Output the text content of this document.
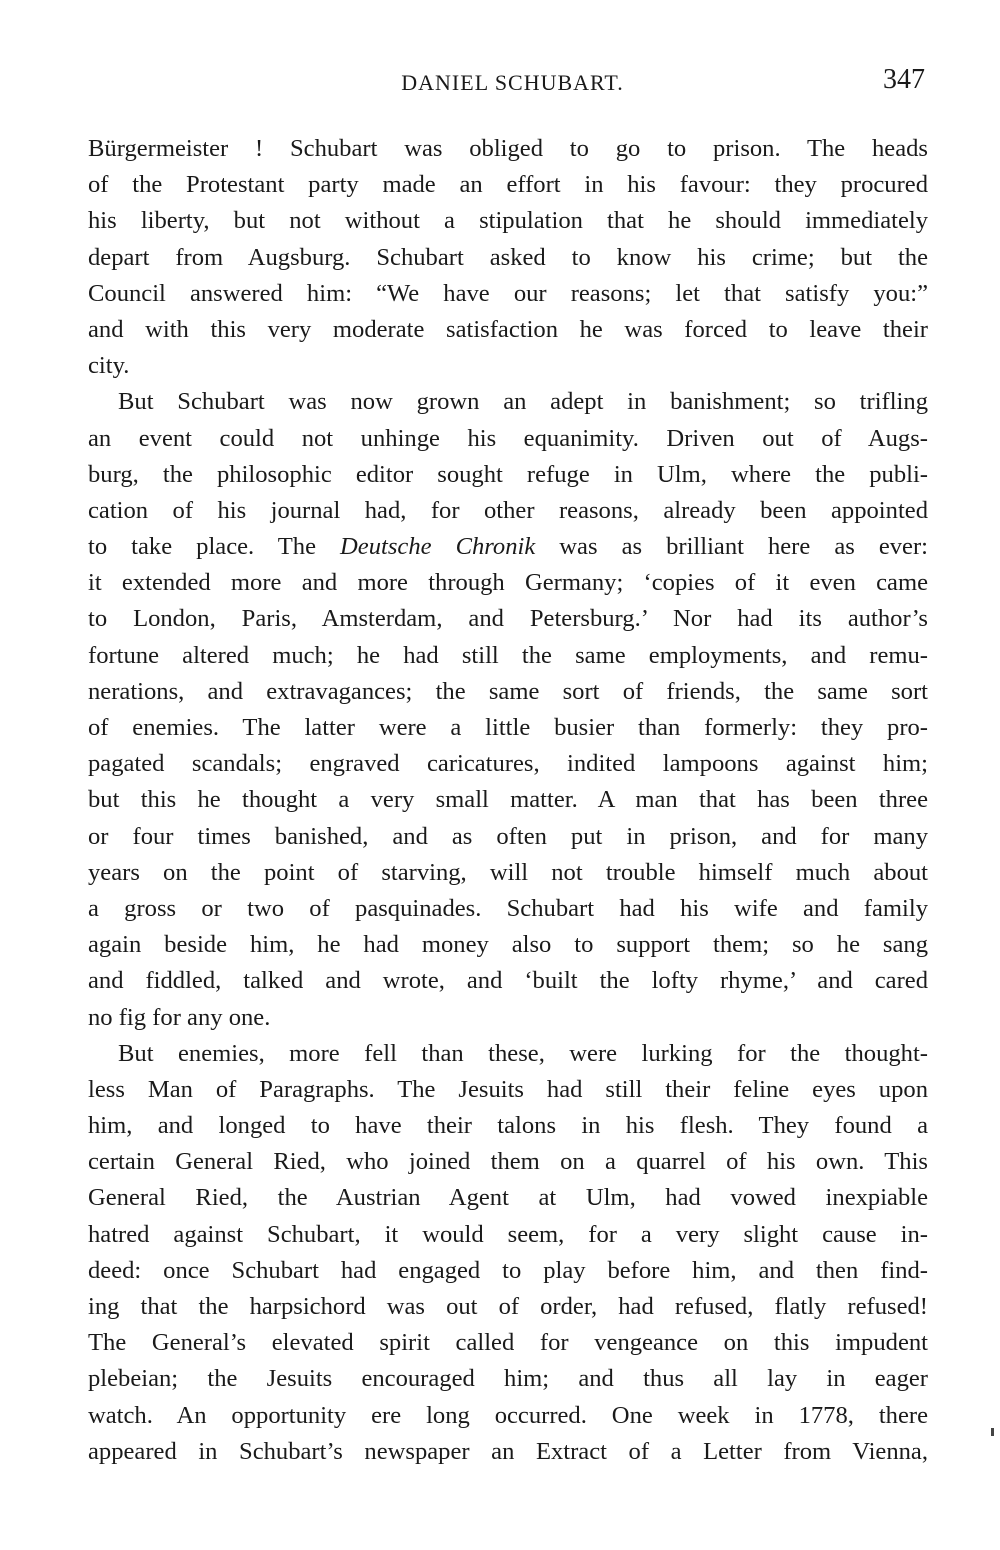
DANIEL SCHUBART.	347
Bürgermeister ! Schubart was obliged to go to prison. The heads
of the Protestant party made an effort in his favour: they procured
his liberty, but not without a stipulation that he should immediately
depart from Augsburg. Schubart asked to know his crime; but the
Council answered him: “We have our reasons; let that satisfy you:”
and with this very moderate satisfaction he was forced to leave their
city.
But Schubart was now grown an adept in banishment; so trifling
an event could not unhinge his equanimity. Driven out of Augs-
burg, the philosophic editor sought refuge in Ulm, where the publi-
cation of his journal had, for other reasons, already been appointed
to take place. The Deutsche Chronik was as brilliant here as ever:
it extended more and more through Germany; ‘copies of it even came
to London, Paris, Amsterdam, and Petersburg.’ Nor had its author’s
fortune altered much; he had still the same employments, and remu-
nerations, and extravagances; the same sort of friends, the same sort
of enemies. The latter were a little busier than formerly: they pro-
pagated scandals; engraved caricatures, indited lampoons against him;
but this he thought a very small matter. A man that has been three
or four times banished, and as often put in prison, and for many
years on the point of starving, will not trouble himself much about
a gross or two of pasquinades. Schubart had his wife and family
again beside him, he had money also to support them; so he sang
and fiddled, talked and wrote, and ‘built the lofty rhyme,’ and cared
no fig for any one.
But enemies, more fell than these, were lurking for the thought-
less Man of Paragraphs. The Jesuits had still their feline eyes upon
him, and longed to have their talons in his flesh. They found a
certain General Ried, who joined them on a quarrel of his own. This
General Ried, the Austrian Agent at Ulm, had vowed inexpiable
hatred against Schubart, it would seem, for a very slight cause in-
deed: once Schubart had engaged to play before him, and then find-
ing that the harpsichord was out of order, had refused, flatly refused!
The General’s elevated spirit called for vengeance on this impudent
plebeian; the Jesuits encouraged him; and thus all lay in eager
watch. An opportunity ere long occurred. One week in 1778, there
appeared in Schubart’s newspaper an Extract of a Letter from Vienna,
